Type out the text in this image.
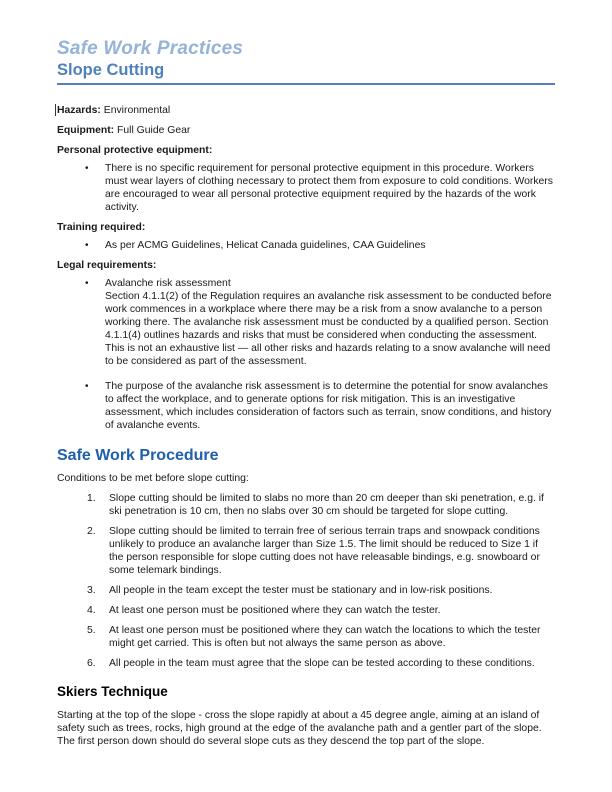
Safe Work Practices
Slope Cutting

Hazards: Environmental

Equipment: Full Guide Gear

Personal protective equipment:
• There is no specific requirement for personal protective equipment in this procedure. Workers must wear layers of clothing necessary to protect them from exposure to cold conditions. Workers are encouraged to wear all personal protective equipment required by the hazards of the work activity.
Training required:
• As per ACMG Guidelines, Helicat Canada guidelines, CAA Guidelines
Legal requirements:
• Avalanche risk assessment
Section 4.1.1(2) of the Regulation requires an avalanche risk assessment to be conducted before work commences in a workplace where there may be a risk from a snow avalanche to a person working there. The avalanche risk assessment must be conducted by a qualified person. Section 4.1.1(4) outlines hazards and risks that must be considered when conducting the assessment. This is not an exhaustive list — all other risks and hazards relating to a snow avalanche will need to be considered as part of the assessment.
• The purpose of the avalanche risk assessment is to determine the potential for snow avalanches to affect the workplace, and to generate options for risk mitigation. This is an investigative assessment, which includes consideration of factors such as terrain, snow conditions, and history of avalanche events.
Safe Work Procedure

Conditions to be met before slope cutting:

1. Slope cutting should be limited to slabs no more than 20 cm deeper than ski penetration, e.g. if ski penetration is 10 cm, then no slabs over 30 cm should be targeted for slope cutting.
2. Slope cutting should be limited to terrain free of serious terrain traps and snowpack conditions unlikely to produce an avalanche larger than Size 1.5. The limit should be reduced to Size 1 if the person responsible for slope cutting does not have releasable bindings, e.g. snowboard or some telemark bindings.
3. All people in the team except the tester must be stationary and in low-risk positions.
4. At least one person must be positioned where they can watch the tester.
5. At least one person must be positioned where they can watch the locations to which the tester might get carried. This is often but not always the same person as above.
6. All people in the team must agree that the slope can be tested according to these conditions.
Skiers Technique

Starting at the top of the slope - cross the slope rapidly at about a 45 degree angle, aiming at an island of safety such as trees, rocks, high ground at the edge of the avalanche path and a gentler part of the slope. The first person down should do several slope cuts as they descend the top part of the slope.
